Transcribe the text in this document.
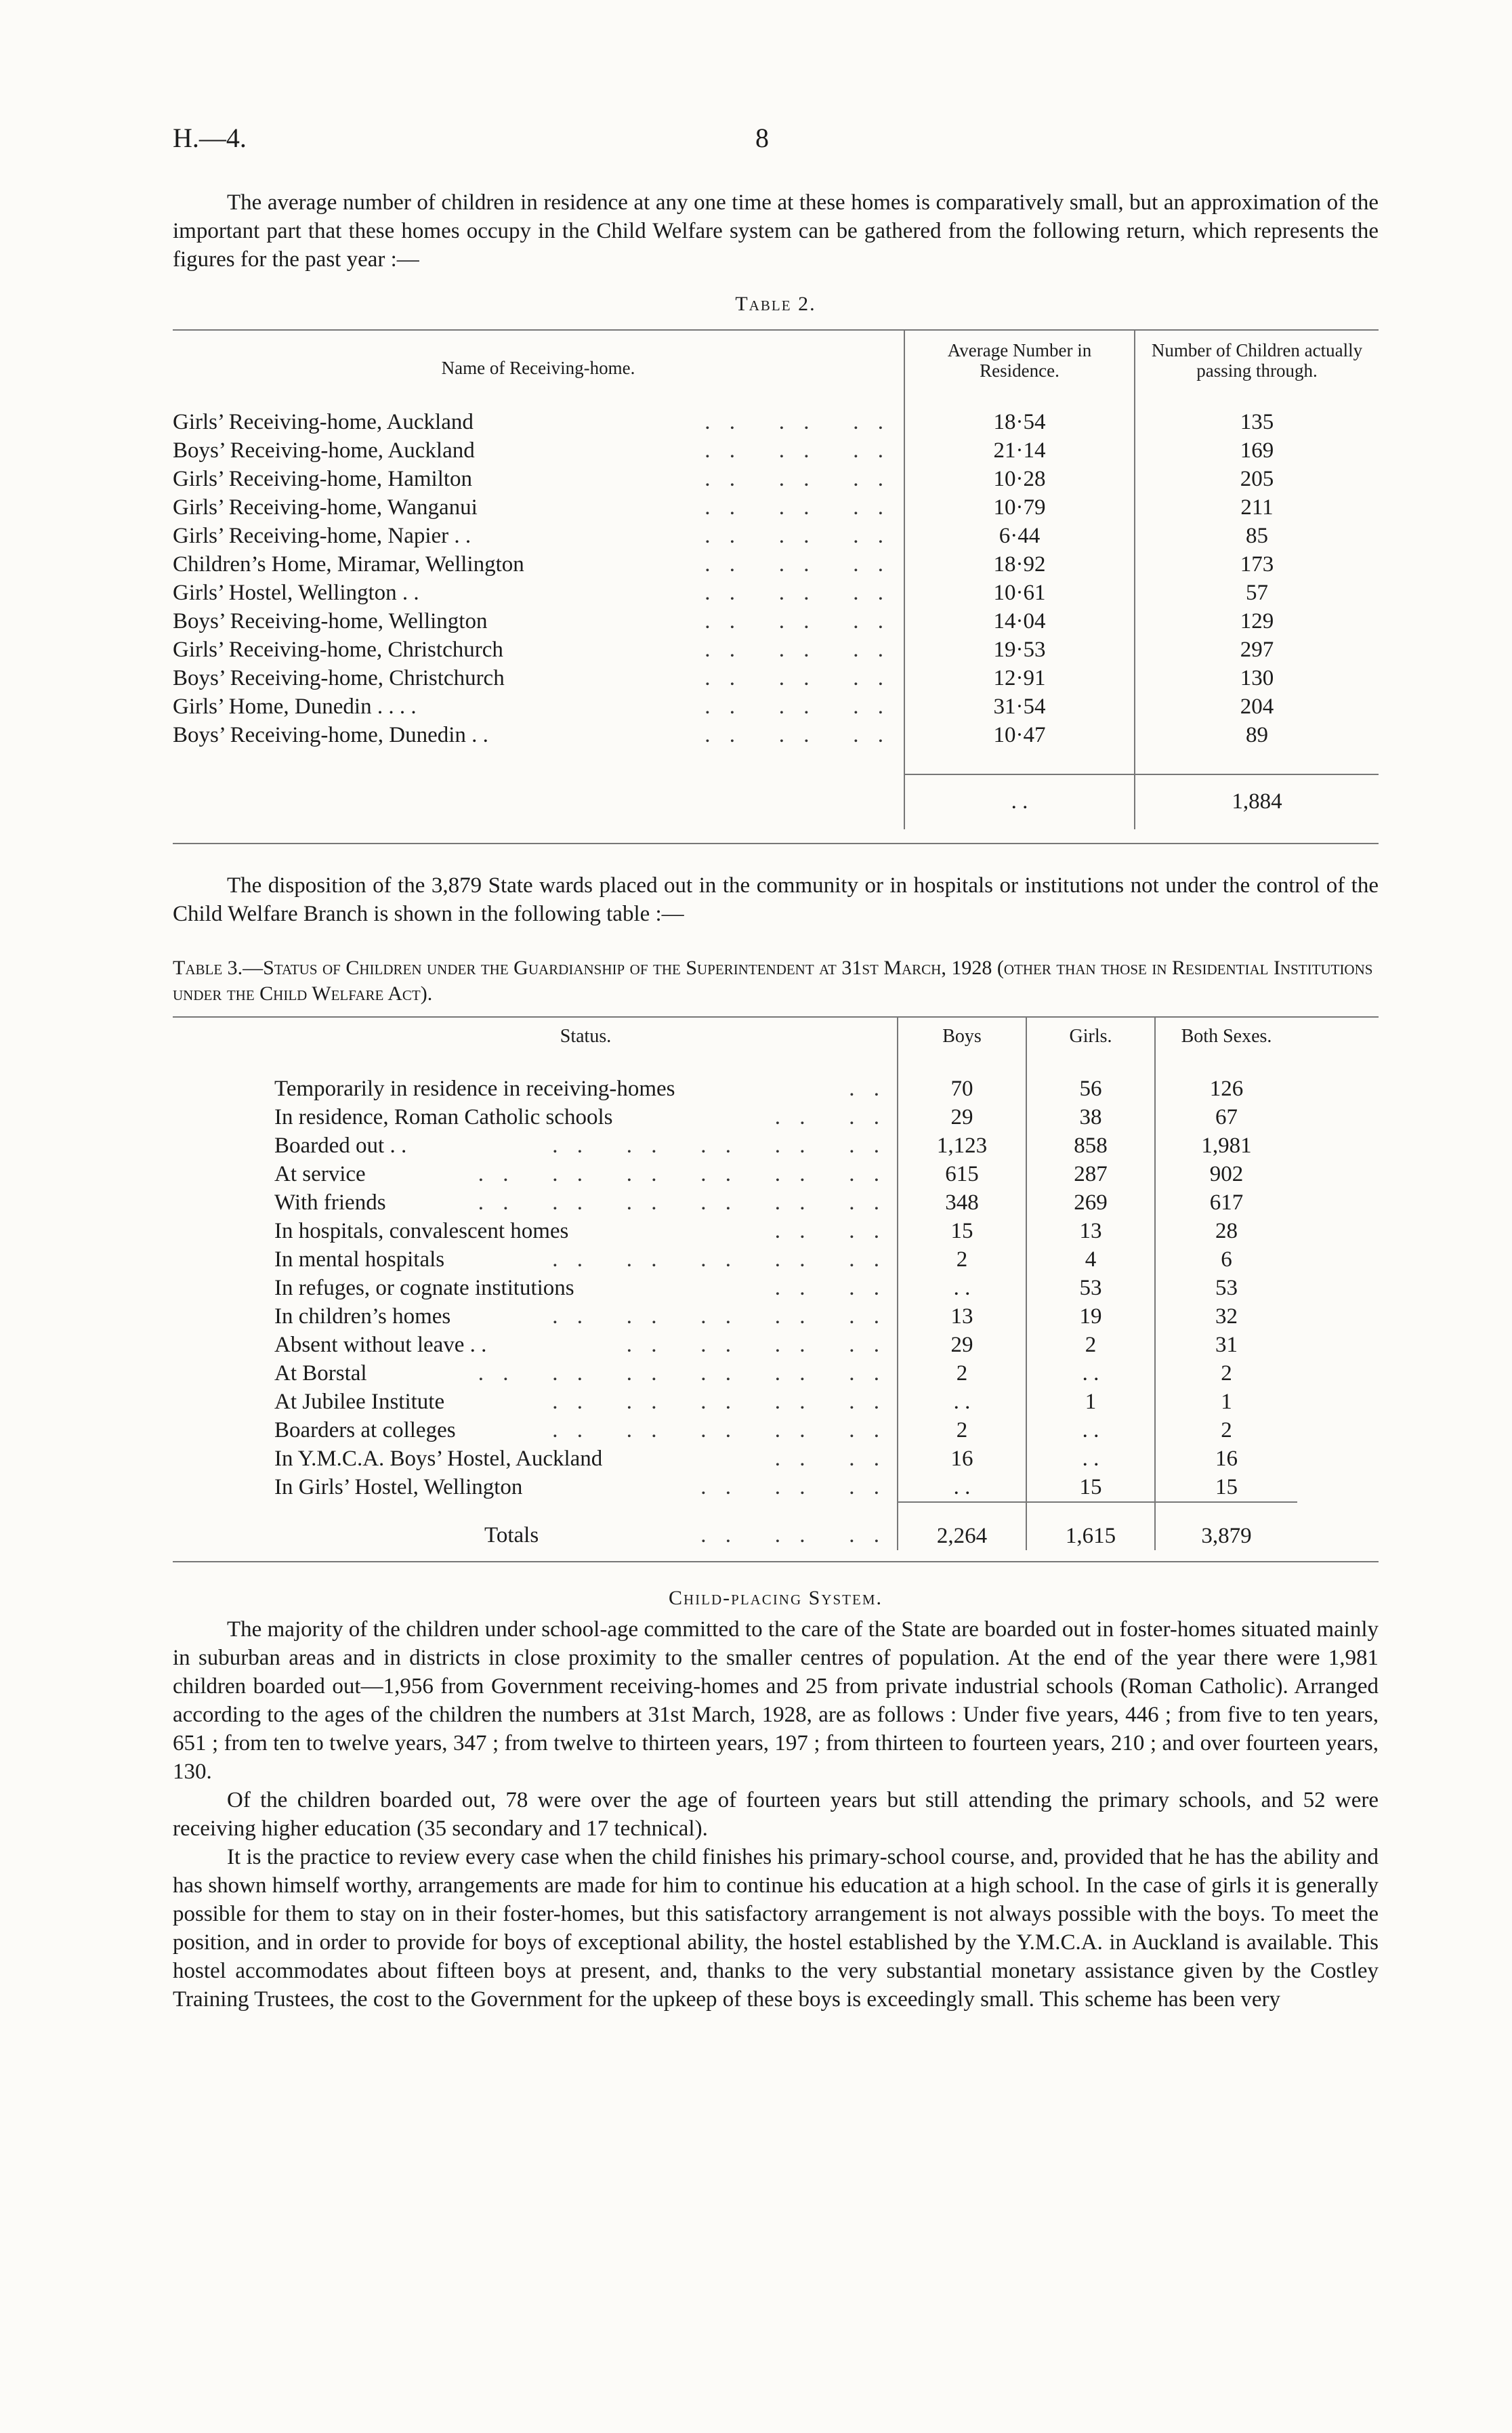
H.—4.	8

The average number of children in residence at any one time at these homes is comparatively small, but an approximation of the important part that these homes occupy in the Child Welfare system can be gathered from the following return, which represents the figures for the past year :—

Table 2.
Name of Receiving-home.	Average Number in Residence.	Number of Children actually passing through.

. .   . .   . .
Girls’ Receiving-home, Auckland	18·54	135

. .   . .   . .
Boys’ Receiving-home, Auckland	21·14	169

. .   . .   . .
Girls’ Receiving-home, Hamilton	10·28	205

. .   . .   . .
Girls’ Receiving-home, Wanganui	10·79	211

. .   . .   . .
Girls’ Receiving-home, Napier . .	6·44	85

. .   . .   . .
Children’s Home, Miramar, Wellington	18·92	173

. .   . .   . .
Girls’ Hostel, Wellington . .	10·61	57

. .   . .   . .
Boys’ Receiving-home, Wellington	14·04	129

. .   . .   . .
Girls’ Receiving-home, Christchurch	19·53	297

. .   . .   . .
Boys’ Receiving-home, Christchurch	12·91	130

. .   . .   . .
Girls’ Home, Dunedin . . . .	31·54	204

. .   . .   . .
Boys’ Receiving-home, Dunedin . .	10·47	89

	. .	1,884

The disposition of the 3,879 State wards placed out in the community or in hospitals or institutions not under the control of the Child Welfare Branch is shown in the following table :—

Table 3.—Status of Children under the Guardianship of the Superintendent at 31st March, 1928 (other than those in Residential Institutions under the Child Welfare Act).
	Status.	Boys	Girls.	Both Sexes.	

	. .
Temporarily in residence in receiving-homes	70	56	126	

	. .   . .
In residence, Roman Catholic schools	29	38	67	

	. .   . .   . .   . .   . .
Boarded out . .	1,123	858	1,981	

	. .   . .   . .   . .   . .   . .
At service	615	287	902	

	. .   . .   . .   . .   . .   . .
With friends	348	269	617	

	. .   . .
In hospitals, convalescent homes	15	13	28	

	. .   . .   . .   . .   . .
In mental hospitals	2	4	6	

	. .   . .
In refuges, or cognate institutions	. .	53	53	

	. .   . .   . .   . .   . .
In children’s homes	13	19	32	

	. .   . .   . .   . .
Absent without leave . .	29	2	31	

	. .   . .   . .   . .   . .   . .
At Borstal	2	. .	2	

	. .   . .   . .   . .   . .
At Jubilee Institute	. .	1	1	

	. .   . .   . .   . .   . .
Boarders at colleges	2	. .	2	

	. .   . .
In Y.M.C.A. Boys’ Hostel, Auckland	16	. .	16	

	. .   . .   . .
In Girls’ Hostel, Wellington	. .	15	15	

	. .   . .   . .
Totals	2,264	1,615	3,879	
Child-placing System.

The majority of the children under school-age committed to the care of the State are boarded out in foster-homes situated mainly in suburban areas and in districts in close proximity to the smaller centres of population. At the end of the year there were 1,981 children boarded out—1,956 from Government receiving-homes and 25 from private industrial schools (Roman Catholic). Arranged according to the ages of the children the numbers at 31st March, 1928, are as follows : Under five years, 446 ; from five to ten years, 651 ; from ten to twelve years, 347 ; from twelve to thirteen years, 197 ; from thirteen to fourteen years, 210 ; and over fourteen years, 130.

Of the children boarded out, 78 were over the age of fourteen years but still attending the primary schools, and 52 were receiving higher education (35 secondary and 17 technical).

It is the practice to review every case when the child finishes his primary-school course, and, provided that he has the ability and has shown himself worthy, arrangements are made for him to continue his education at a high school. In the case of girls it is generally possible for them to stay on in their foster-homes, but this satisfactory arrangement is not always possible with the boys. To meet the position, and in order to provide for boys of exceptional ability, the hostel established by the Y.M.C.A. in Auckland is available. This hostel accommodates about fifteen boys at present, and, thanks to the very substantial monetary assistance given by the Costley Training Trustees, the cost to the Government for the upkeep of these boys is exceedingly small. This scheme has been very
